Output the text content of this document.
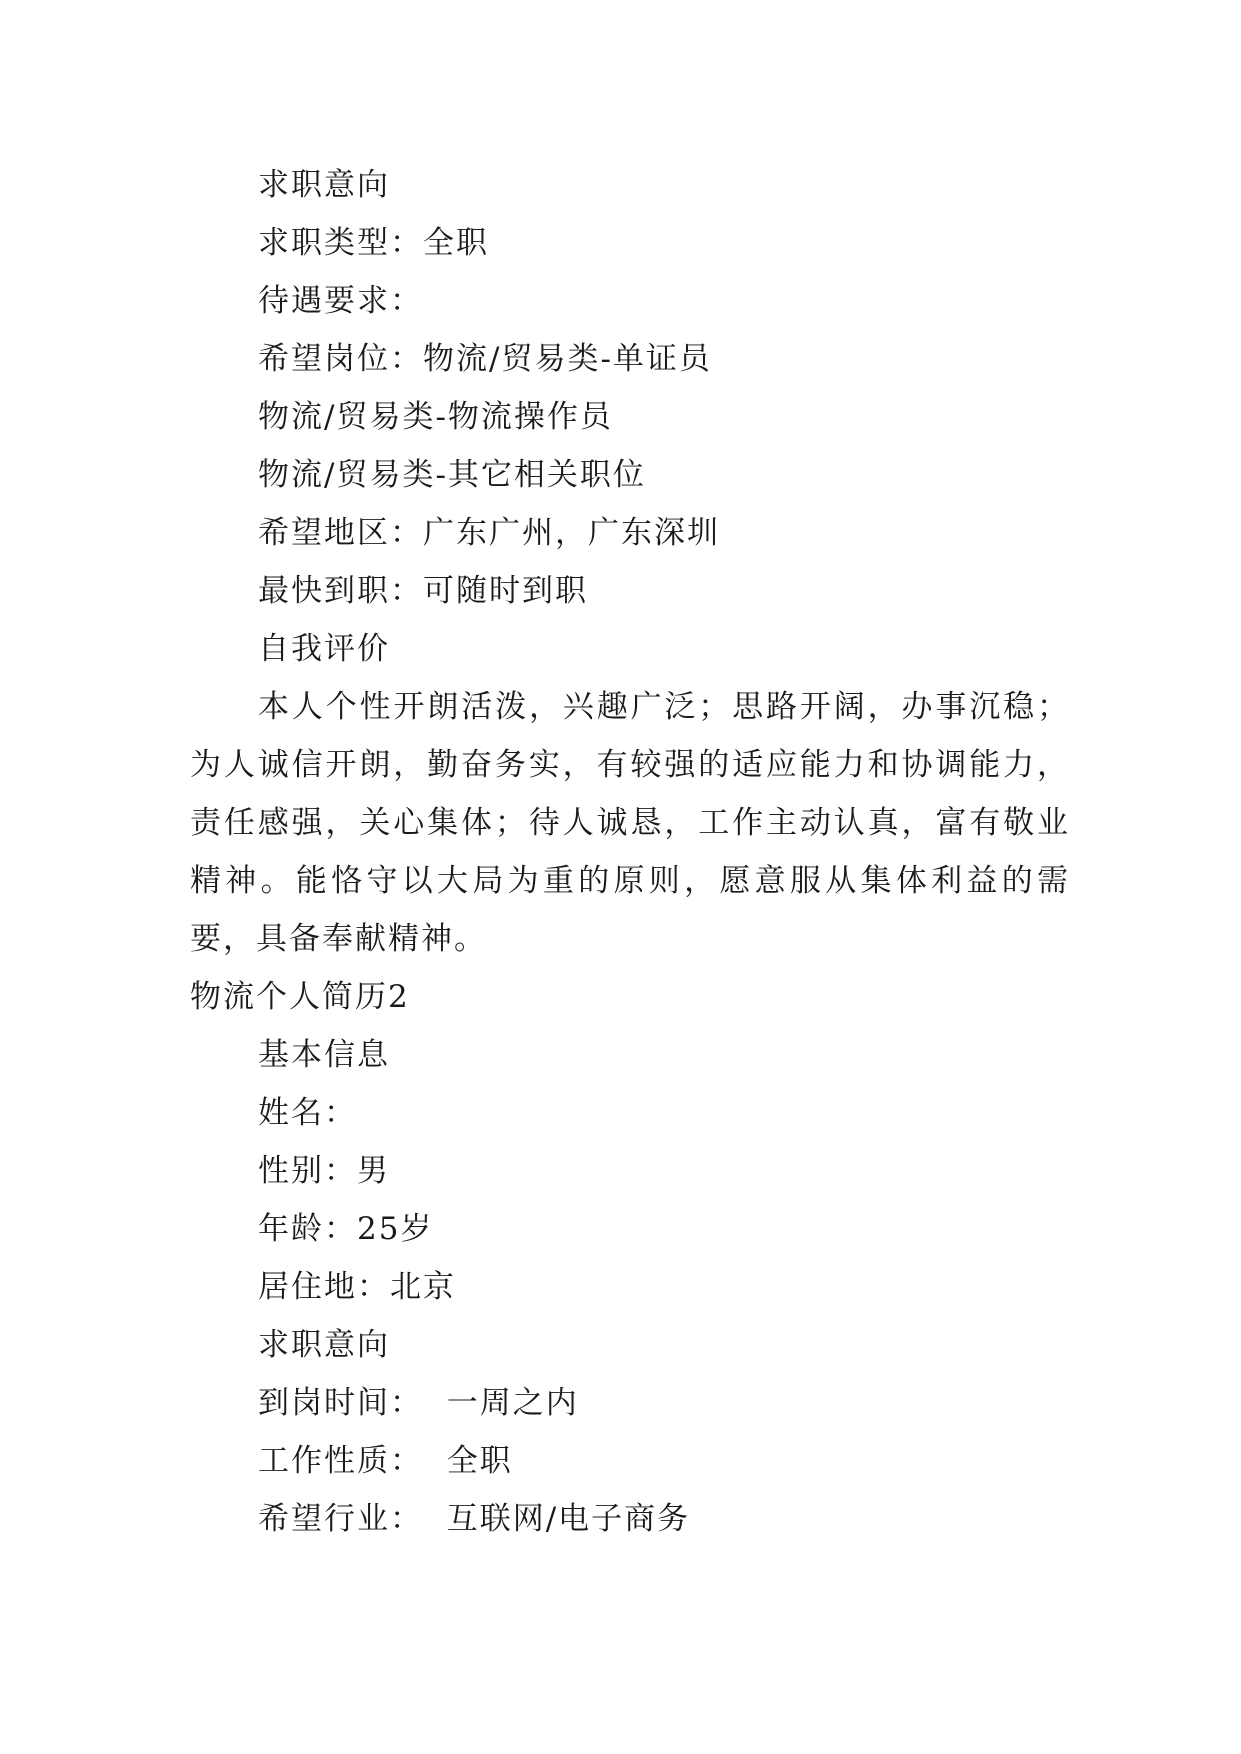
求职意向
求职类型：全职
待遇要求：
希望岗位：物流/贸易类-单证员
物流/贸易类-物流操作员
物流/贸易类-其它相关职位
希望地区：广东广州，广东深圳
最快到职：可随时到职
自我评价
本人个性开朗活泼，兴趣广泛；思路开阔，办事沉稳；为人诚信开朗，勤奋务实，有较强的适应能力和协调能力，责任感强，关心集体；待人诚恳，工作主动认真，富有敬业精神。能恪守以大局为重的原则，愿意服从集体利益的需要，具备奉献精神。
物流个人简历2
基本信息
姓名：
性别：男
年龄：25岁
居住地：北京
求职意向
到岗时间：  一周之内
工作性质：  全职
希望行业：  互联网/电子商务
